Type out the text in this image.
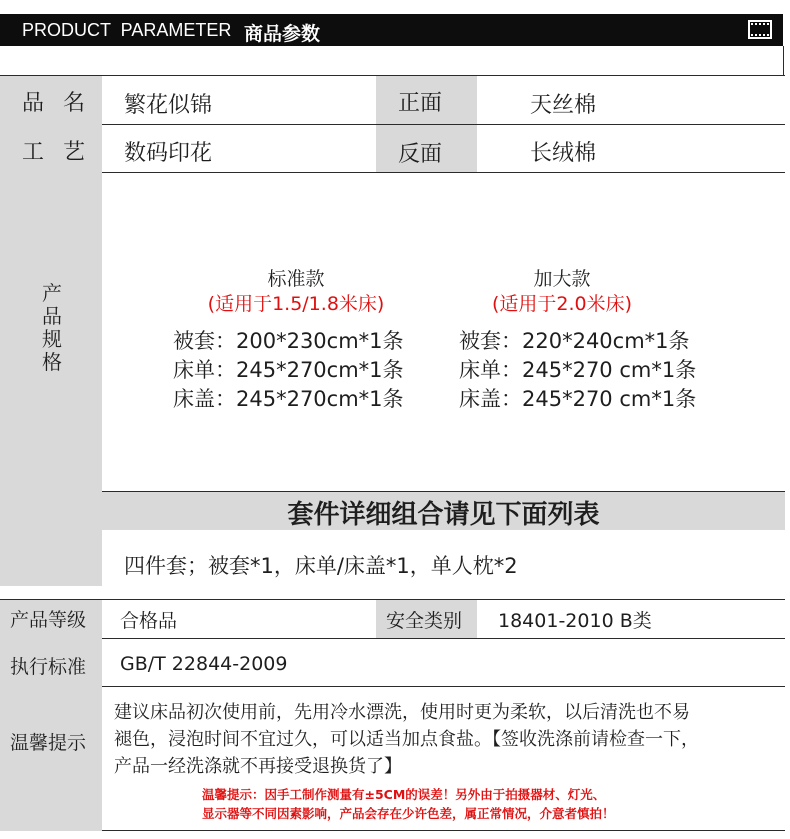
PRODUCT  PARAMETER 商品参数
品 名 繁花似锦	正面	天丝棉
工 艺 数码印花	反面	长绒棉
产品规格
标准款
(适用于1.5/1.8米床)
被套：200*230cm*1条
床单：245*270cm*1条
床盖：245*270cm*1条
加大款
(适用于2.0米床)
被套：220*240cm*1条
床单：245*270 cm*1条
床盖：245*270 cm*1条
套件详细组合请见下面列表
四件套；被套*1，床单/床盖*1，单人枕*2
产品等级 合格品	安全类别 18401-2010 B类
执行标准 GB/T 22844-2009
温馨提示
建议床品初次使用前，先用冷水漂洗，使用时更为柔软，以后清洗也不易
褪色，浸泡时间不宜过久，可以适当加点食盐。【签收洗涤前请检查一下，
产品一经洗涤就不再接受退换货了】
温馨提示：因手工制作测量有±5CM的误差！另外由于拍摄器材、灯光、
显示器等不同因素影响，产品会存在少许色差，属正常情况，介意者慎拍！
